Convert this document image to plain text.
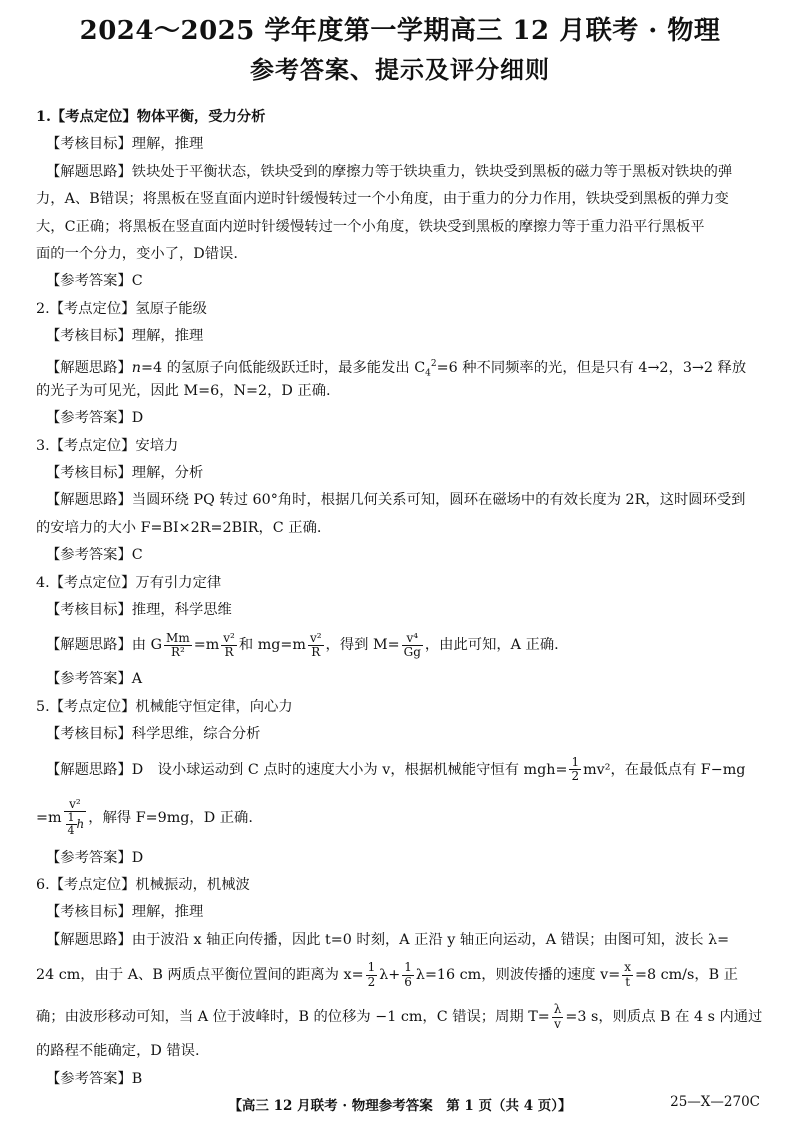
2024～2025 学年度第一学期高三 12 月联考 · 物理
参考答案、提示及评分细则
1.【考点定位】物体平衡，受力分析
【考核目标】理解，推理
【解题思路】铁块处于平衡状态，铁块受到的摩擦力等于铁块重力，铁块受到黑板的磁力等于黑板对铁块的弹
力，A、B错误；将黑板在竖直面内逆时针缓慢转过一个小角度，由于重力的分力作用，铁块受到黑板的弹力变
大，C正确；将黑板在竖直面内逆时针缓慢转过一个小角度，铁块受到黑板的摩擦力等于重力沿平行黑板平
面的一个分力，变小了，D错误.
【参考答案】C
2.【考点定位】氢原子能级
【考核目标】理解，推理
【解题思路】n=4 的氢原子向低能级跃迁时，最多能发出 $C_4^2=6$ 种不同频率的光，但是只有 4→2，3→2 释放
的光子为可见光，因此 M=6，N=2，D 正确.
【参考答案】D
3.【考点定位】安培力
【考核目标】理解，分析
【解题思路】当圆环绕 PQ 转过 60°角时，根据几何关系可知，圆环在磁场中的有效长度为 2R，这时圆环受到
的安培力的大小 F=BI×2R=2BIR，C 正确.
【参考答案】C
4.【考点定位】万有引力定律
【考核目标】推理，科学思维
【解题思路】由 G $\frac{Mm}{\text{R²}} =m \frac{\text{v²}}{R}$ 和 $mg=m \frac{\text{v²}}{R}$ ，得到 $M= \frac{\text{v⁴}}{Gg}$ ，由此可知，A 正确.
【参考答案】A
5.【考点定位】机械能守恒定律，向心力
【考核目标】科学思维，综合分析
【解题思路】D　设小球运动到 C 点时的速度大小为 v，根据机械能守恒有 $mgh= \frac{1}{2} mv^2$，在最低点有 F−mg
$=m \frac{\text{v²}}{\frac{1}{4} h}$ ，解得 F=9mg，D 正确.
【参考答案】D
6.【考点定位】机械振动，机械波
【考核目标】理解，推理
【解题思路】由于波沿 x 轴正向传播，因此 t=0 时刻，A 正沿 y 轴正向运动，A 错误；由图可知，波长 λ=
24 cm，由于 A、B 两质点平衡位置间的距离为 $x= \frac{1}{2} \lambda+ \frac{1}{6} \lambda=16$ cm，则波传播的速度 $v= \frac{x}{t} =8$ cm/s，B 正
确；由波形移动可知，当 A 位于波峰时，B 的位移为 −1 cm，C 错误；周期 $T= \frac{\lambda}{v} =3$ s，则质点 B 在 4 s 内通过
的路程不能确定，D 错误.
【参考答案】B
【高三 12 月联考 · 物理参考答案　第 1 页（共 4 页）】	25—X—270C
